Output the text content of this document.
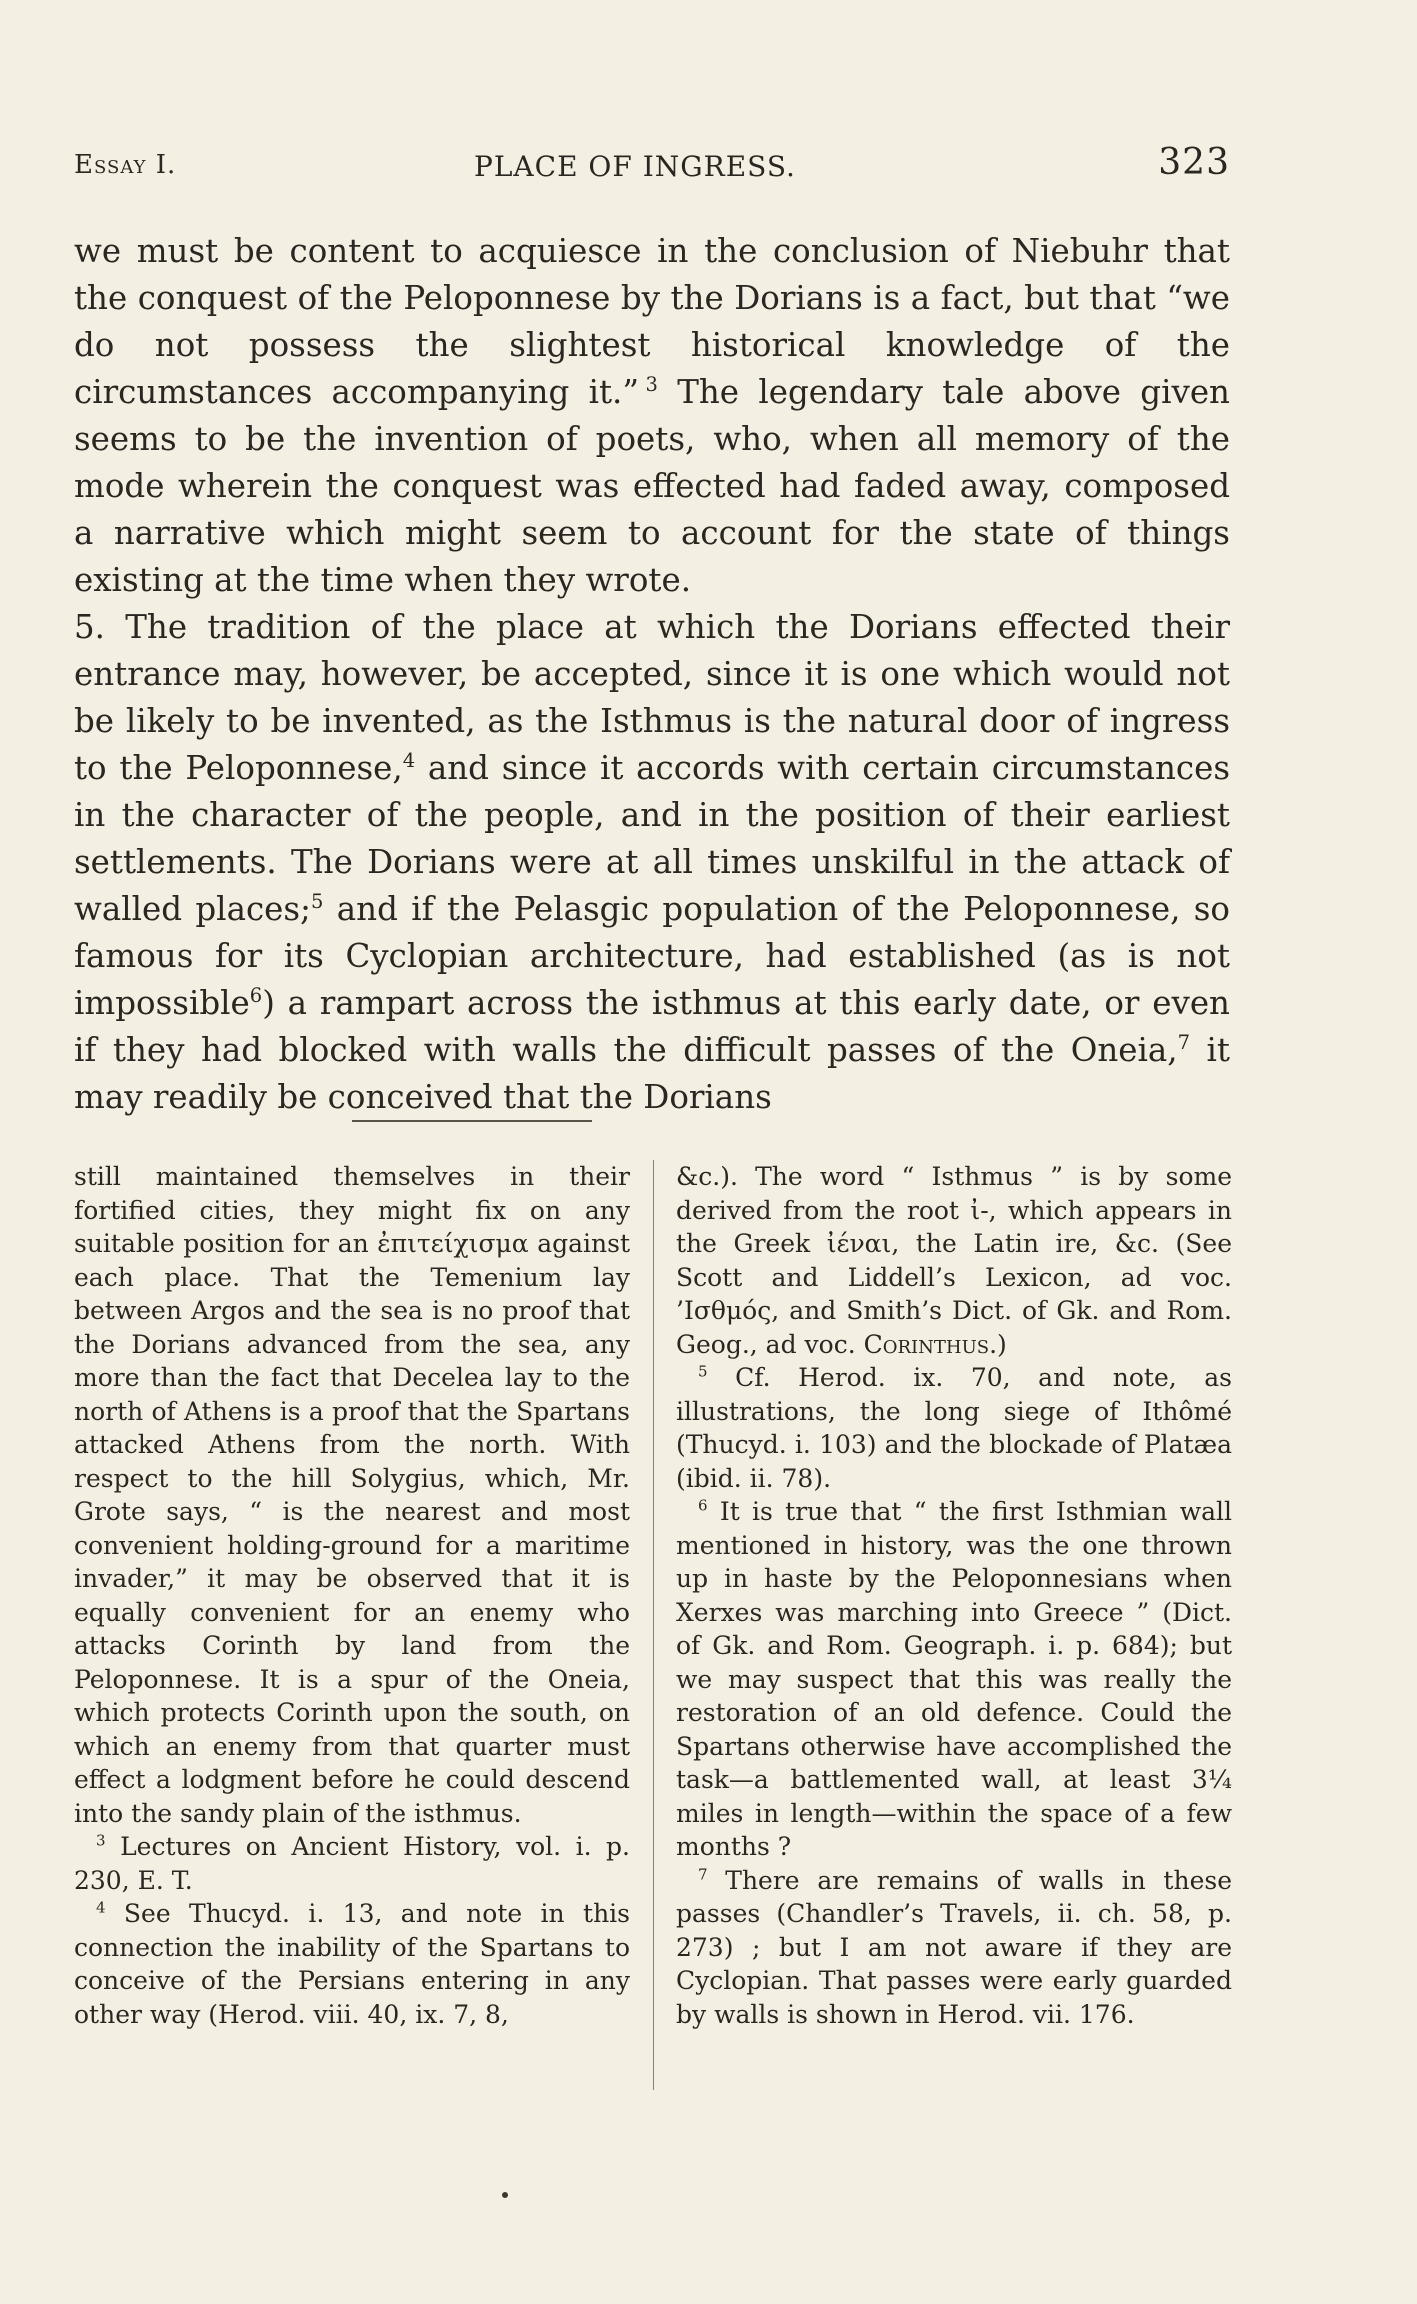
Essay I.	PLACE OF INGRESS.	323

we must be content to acquiesce in the conclusion of Niebuhr that the conquest of the Peloponnese by the Dorians is a fact, but that “we do not possess the slightest historical knowledge of the circumstances accompanying it.”  $^3$ The legendary tale above given seems to be the invention of poets, who, when all memory of the mode wherein the conquest was effected had faded away, composed a narrative which might seem to account for the state of things existing at the time when they wrote.

5. The tradition of the place at which the Dorians effected their entrance may, however, be accepted, since it is one which would not be likely to be invented, as the Isthmus is the natural door of ingress to the Peloponnese,$^4$ and since it accords with certain circumstances in the character of the people, and in the position of their earliest settlements. The Dorians were at all times unskilful in the attack of walled places;$^5$ and if the Pelasgic population of the Peloponnese, so famous for its Cyclopian architecture, had established (as is not impossible$^6$) a rampart across the isthmus at this early date, or even if they had blocked with walls the difficult passes of the Oneia,$^7$ it may readily be conceived that the Dorians

still maintained themselves in their fortified cities, they might fix on any suitable position for an ἐπιτείχισμα against each place. That the Temenium lay between Argos and the sea is no proof that the Dorians advanced from the sea, any more than the fact that Decelea lay to the north of Athens is a proof that the Spartans attacked Athens from the north. With respect to the hill Solygius, which, Mr. Grote says, “ is the nearest and most convenient holding-ground for a maritime invader,” it may be observed that it is equally convenient for an enemy who attacks Corinth by land from the Peloponnese. It is a spur of the Oneia, which protects Corinth upon the south, on which an enemy from that quarter must effect a lodgment before he could descend into the sandy plain of the isthmus.

$^3$ Lectures on Ancient History, vol. i. p. 230, E. T.

$^4$ See Thucyd. i. 13, and note in this connection the inability of the Spartans to conceive of the Persians entering in any other way (Herod. viii. 40, ix. 7, 8,

&c.). The word “ Isthmus ” is by some derived from the root ἰ-, which appears in the Greek ἰέναι, the Latin ire, &c. (See Scott and Liddell’s Lexicon, ad voc. ’Ισθμός, and Smith’s Dict. of Gk. and Rom. Geog., ad voc. Corinthus.)

$^5$ Cf. Herod. ix. 70, and note, as illustrations, the long siege of Ithômé (Thucyd. i. 103) and the blockade of Platæa (ibid. ii. 78).

$^6$ It is true that “ the first Isthmian wall mentioned in history, was the one thrown up in haste by the Peloponnesians when Xerxes was marching into Greece ” (Dict. of Gk. and Rom. Geograph. i. p. 684); but we may suspect that this was really the restoration of an old defence. Could the Spartans otherwise have accomplished the task—a battlemented wall, at least 3¼ miles in length—within the space of a few months ?

$^7$ There are remains of walls in these passes (Chandler’s Travels, ii. ch. 58, p. 273) ; but I am not aware if they are Cyclopian. That passes were early guarded by walls is shown in Herod. vii. 176.
